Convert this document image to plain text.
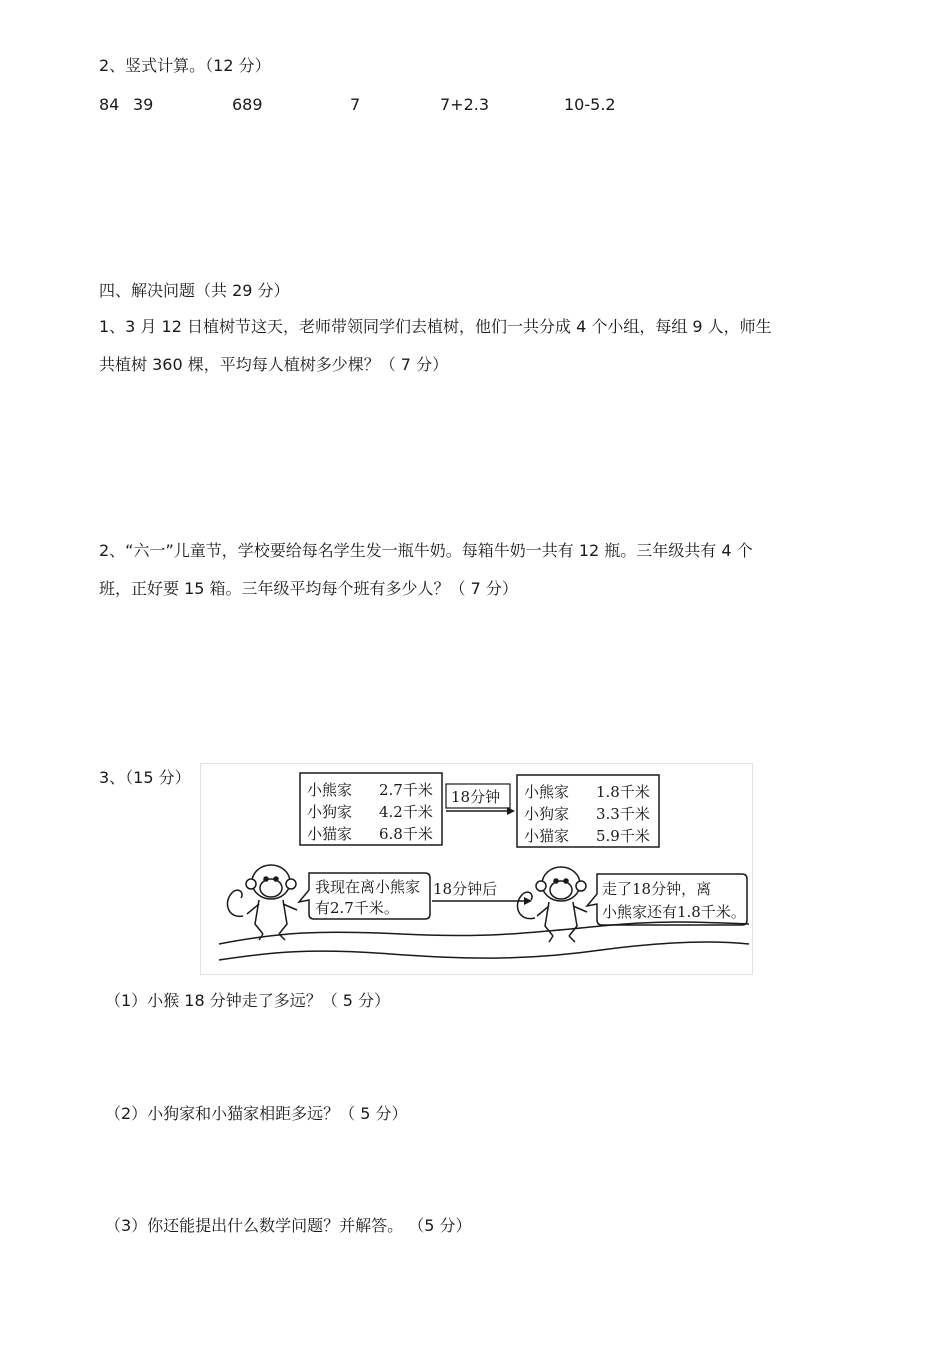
2、竖式计算。（12 分）
84 39	689	7	7+2.3	10-5.2
四、解决问题（共 29 分）
1、3 月 12 日植树节这天，老师带领同学们去植树，他们一共分成 4 个小组，每组 9 人，师生
共植树 360 棵，平均每人植树多少棵？（ 7 分）
2、“六一”儿童节，学校要给每名学生发一瓶牛奶。每箱牛奶一共有 12 瓶。三年级共有 4 个
班，正好要 15 箱。三年级平均每个班有多少人？（ 7 分）
3、（15 分）
小熊家 2.7千米
小狗家 4.2千米
小猫家 6.8千米
18分钟 小熊家 1.8千米
小狗家 3.3千米
小猫家 5.9千米
我现在离小熊家
有2.7千米。
18分钟后	走了18分钟，离
小熊家还有1.8千米。
（1）小猴 18 分钟走了多远？（ 5 分）
（2）小狗家和小猫家相距多远？（ 5 分）
（3）你还能提出什么数学问题？并解答。 （5 分）
